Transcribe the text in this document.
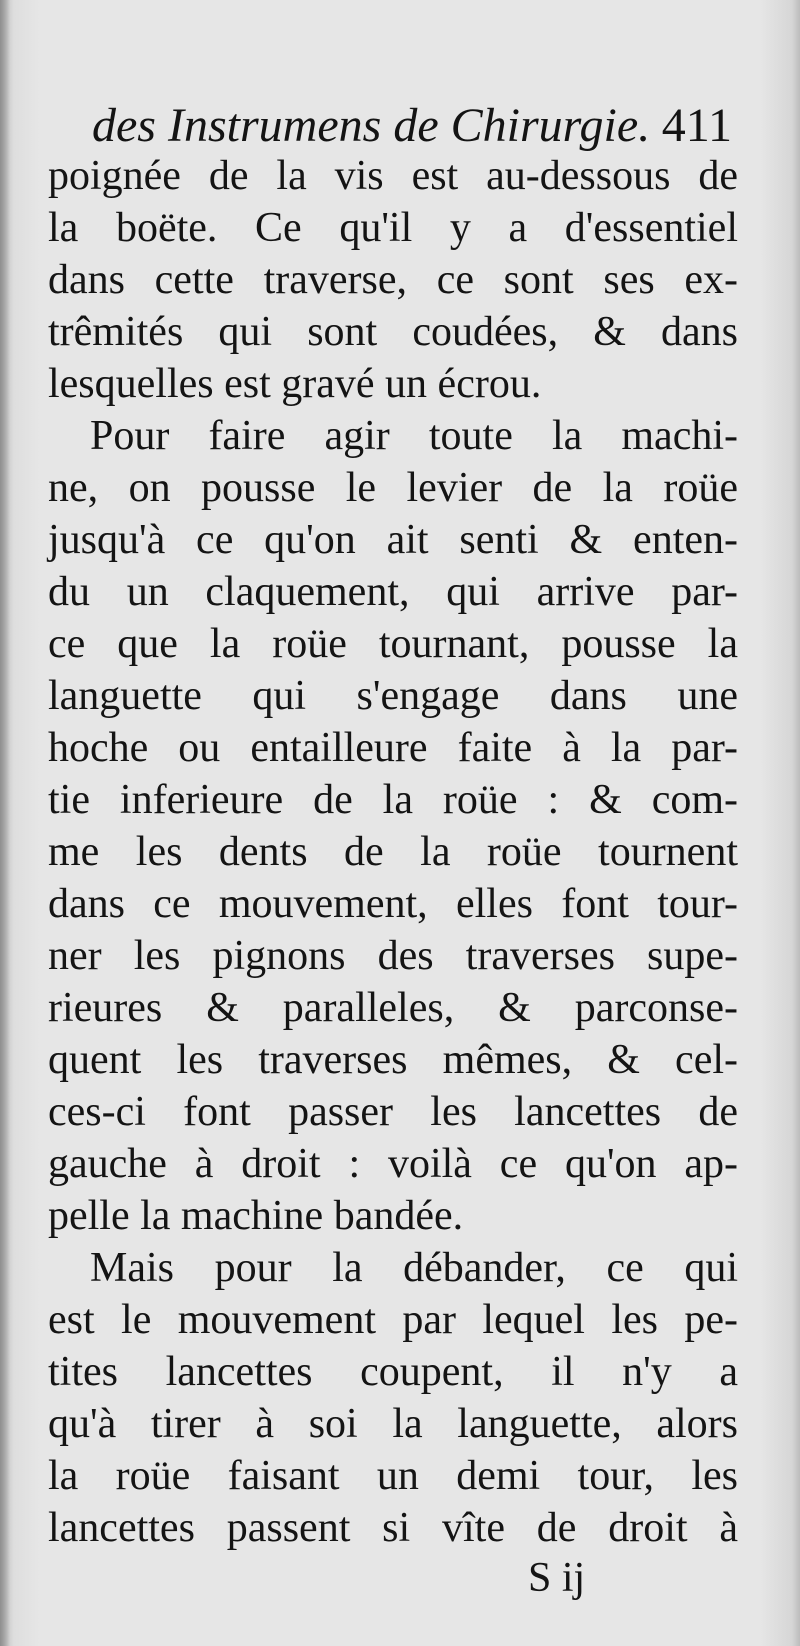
des Instrumens de Chirurgie. 411
poignée de la vis est au-dessous de
la boëte. Ce qu'il y a d'essentiel
dans cette traverse, ce sont ses ex-
trêmités qui sont coudées, & dans
lesquelles est gravé un écrou.
Pour faire agir toute la machi-
ne, on pousse le levier de la roüe
jusqu'à ce qu'on ait senti & enten-
du un claquement, qui arrive par-
ce que la roüe tournant, pousse la
languette qui s'engage dans une
hoche ou entailleure faite à la par-
tie inferieure de la roüe : & com-
me les dents de la roüe tournent
dans ce mouvement, elles font tour-
ner les pignons des traverses supe-
rieures & paralleles, & parconse-
quent les traverses mêmes, & cel-
ces-ci font passer les lancettes de
gauche à droit : voilà ce qu'on ap-
pelle la machine bandée.
Mais pour la débander, ce qui
est le mouvement par lequel les pe-
tites lancettes coupent, il n'y a
qu'à tirer à soi la languette, alors
la roüe faisant un demi tour, les
lancettes passent si vîte de droit à
S ij
